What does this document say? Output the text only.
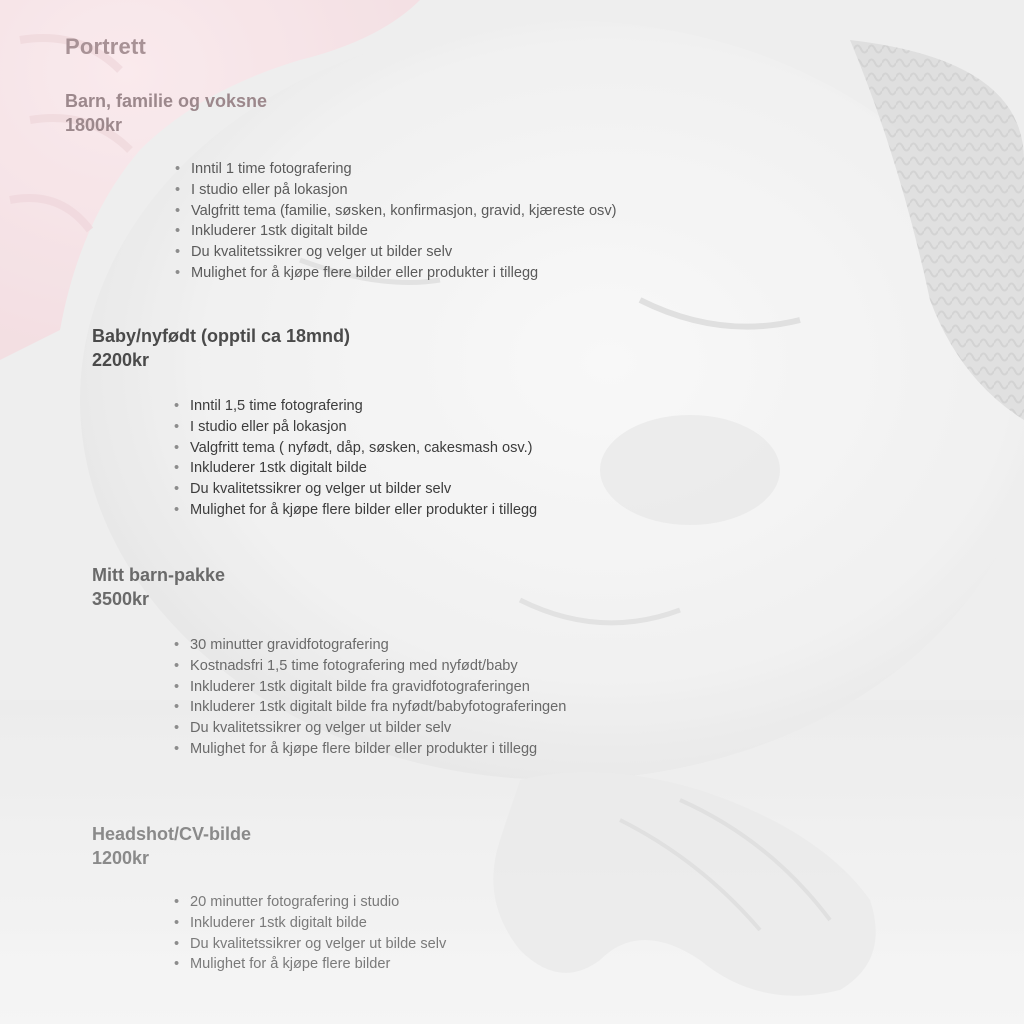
Portrett
Barn, familie og voksne

1800kr

• Inntil 1 time fotografering
• I studio eller på lokasjon
• Valgfritt tema (familie, søsken, konfirmasjon, gravid, kjæreste osv)
• Inkluderer 1stk digitalt bilde
• Du kvalitetssikrer og velger ut bilder selv
• Mulighet for å kjøpe flere bilder eller produkter i tillegg
Baby/nyfødt (opptil ca 18mnd)

2200kr

• Inntil 1,5 time fotografering
• I studio eller på lokasjon
• Valgfritt tema ( nyfødt, dåp, søsken, cakesmash osv.)
• Inkluderer 1stk digitalt bilde
• Du kvalitetssikrer og velger ut bilder selv
• Mulighet for å kjøpe flere bilder eller produkter i tillegg
Mitt barn-pakke

3500kr

• 30 minutter gravidfotografering
• Kostnadsfri 1,5 time fotografering med nyfødt/baby
• Inkluderer 1stk digitalt bilde fra gravidfotograferingen
• Inkluderer 1stk digitalt bilde fra nyfødt/babyfotograferingen
• Du kvalitetssikrer og velger ut bilder selv
• Mulighet for å kjøpe flere bilder eller produkter i tillegg
Headshot/CV-bilde

1200kr

• 20 minutter fotografering i studio
• Inkluderer 1stk digitalt bilde
• Du kvalitetssikrer og velger ut bilde selv
• Mulighet for å kjøpe flere bilder
